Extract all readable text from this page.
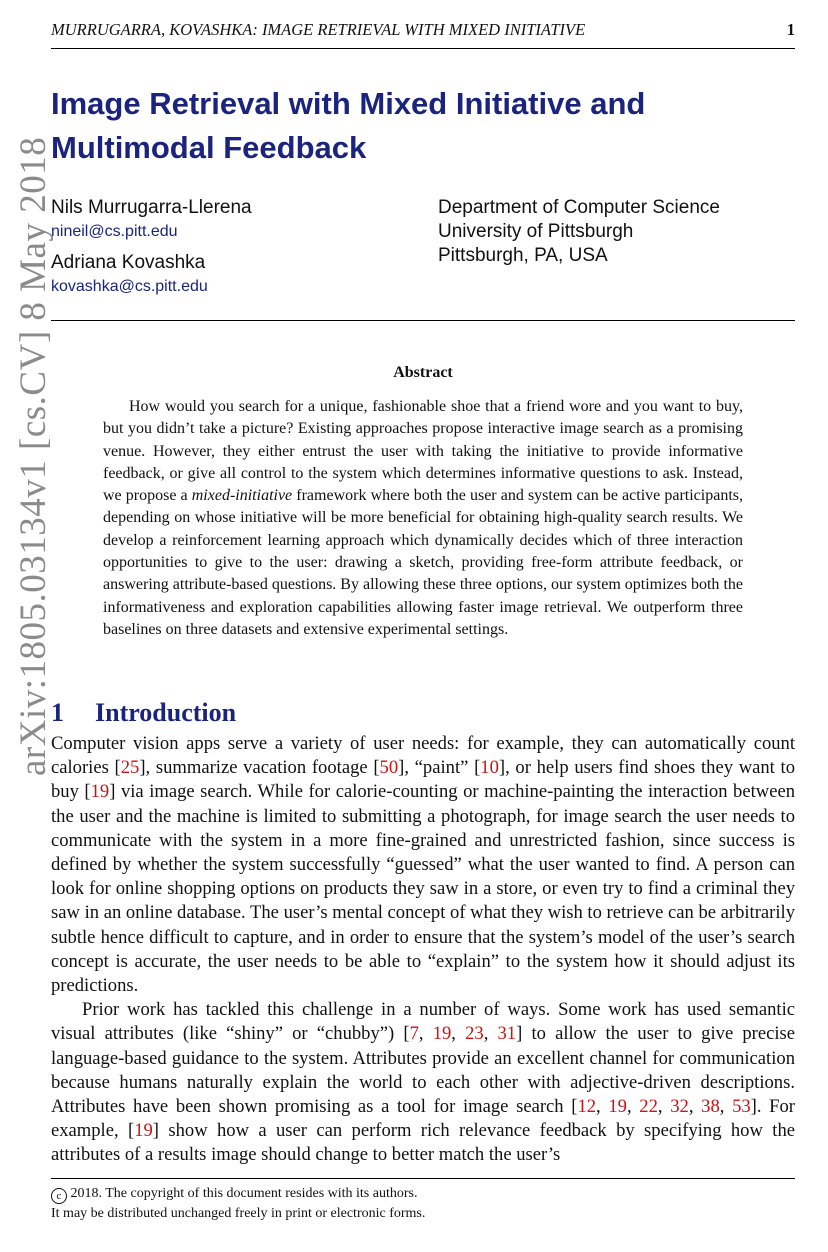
MURRUGARRA, KOVASHKA: IMAGE RETRIEVAL WITH MIXED INITIATIVE	1
Image Retrieval with Mixed Initiative and
Multimodal Feedback
Nils Murrugarra-Llerena
nineil@cs.pitt.edu
Adriana Kovashka
kovashka@cs.pitt.edu
Department of Computer Science
University of Pittsburgh
Pittsburgh, PA, USA
Abstract

How would you search for a unique, fashionable shoe that a friend wore and you want to buy, but you didn’t take a picture? Existing approaches propose interactive image search as a promising venue. However, they either entrust the user with taking the initiative to provide informative feedback, or give all control to the system which determines informative questions to ask. Instead, we propose a mixed-initiative framework where both the user and system can be active participants, depending on whose initiative will be more beneficial for obtaining high-quality search results. We develop a reinforcement learning approach which dynamically decides which of three interaction opportunities to give to the user: drawing a sketch, providing free-form attribute feedback, or answering attribute-based questions. By allowing these three options, our system optimizes both the informativeness and exploration capabilities allowing faster image retrieval. We outperform three baselines on three datasets and extensive experimental settings.

1 Introduction

Computer vision apps serve a variety of user needs: for example, they can automatically count calories [25], summarize vacation footage [50], “paint” [10], or help users find shoes they want to buy [19] via image search. While for calorie-counting or machine-painting the interaction between the user and the machine is limited to submitting a photograph, for image search the user needs to communicate with the system in a more fine-grained and unrestricted fashion, since success is defined by whether the system successfully “guessed” what the user wanted to find. A person can look for online shopping options on products they saw in a store, or even try to find a criminal they saw in an online database. The user’s mental concept of what they wish to retrieve can be arbitrarily subtle hence difficult to capture, and in order to ensure that the system’s model of the user’s search concept is accurate, the user needs to be able to “explain” to the system how it should adjust its predictions.

Prior work has tackled this challenge in a number of ways. Some work has used semantic visual attributes (like “shiny” or “chubby”) [7, 19, 23, 31] to allow the user to give precise language-based guidance to the system. Attributes provide an excellent channel for communication because humans naturally explain the world to each other with adjective-driven descriptions. Attributes have been shown promising as a tool for image search [12, 19, 22, 32, 38, 53]. For example, [19] show how a user can perform rich relevance feedback by specifying how the attributes of a results image should change to better match the user’s

c 2018. The copyright of this document resides with its authors.
It may be distributed unchanged freely in print or electronic forms.
arXiv:1805.03134v1 [cs.CV] 8 May 2018
